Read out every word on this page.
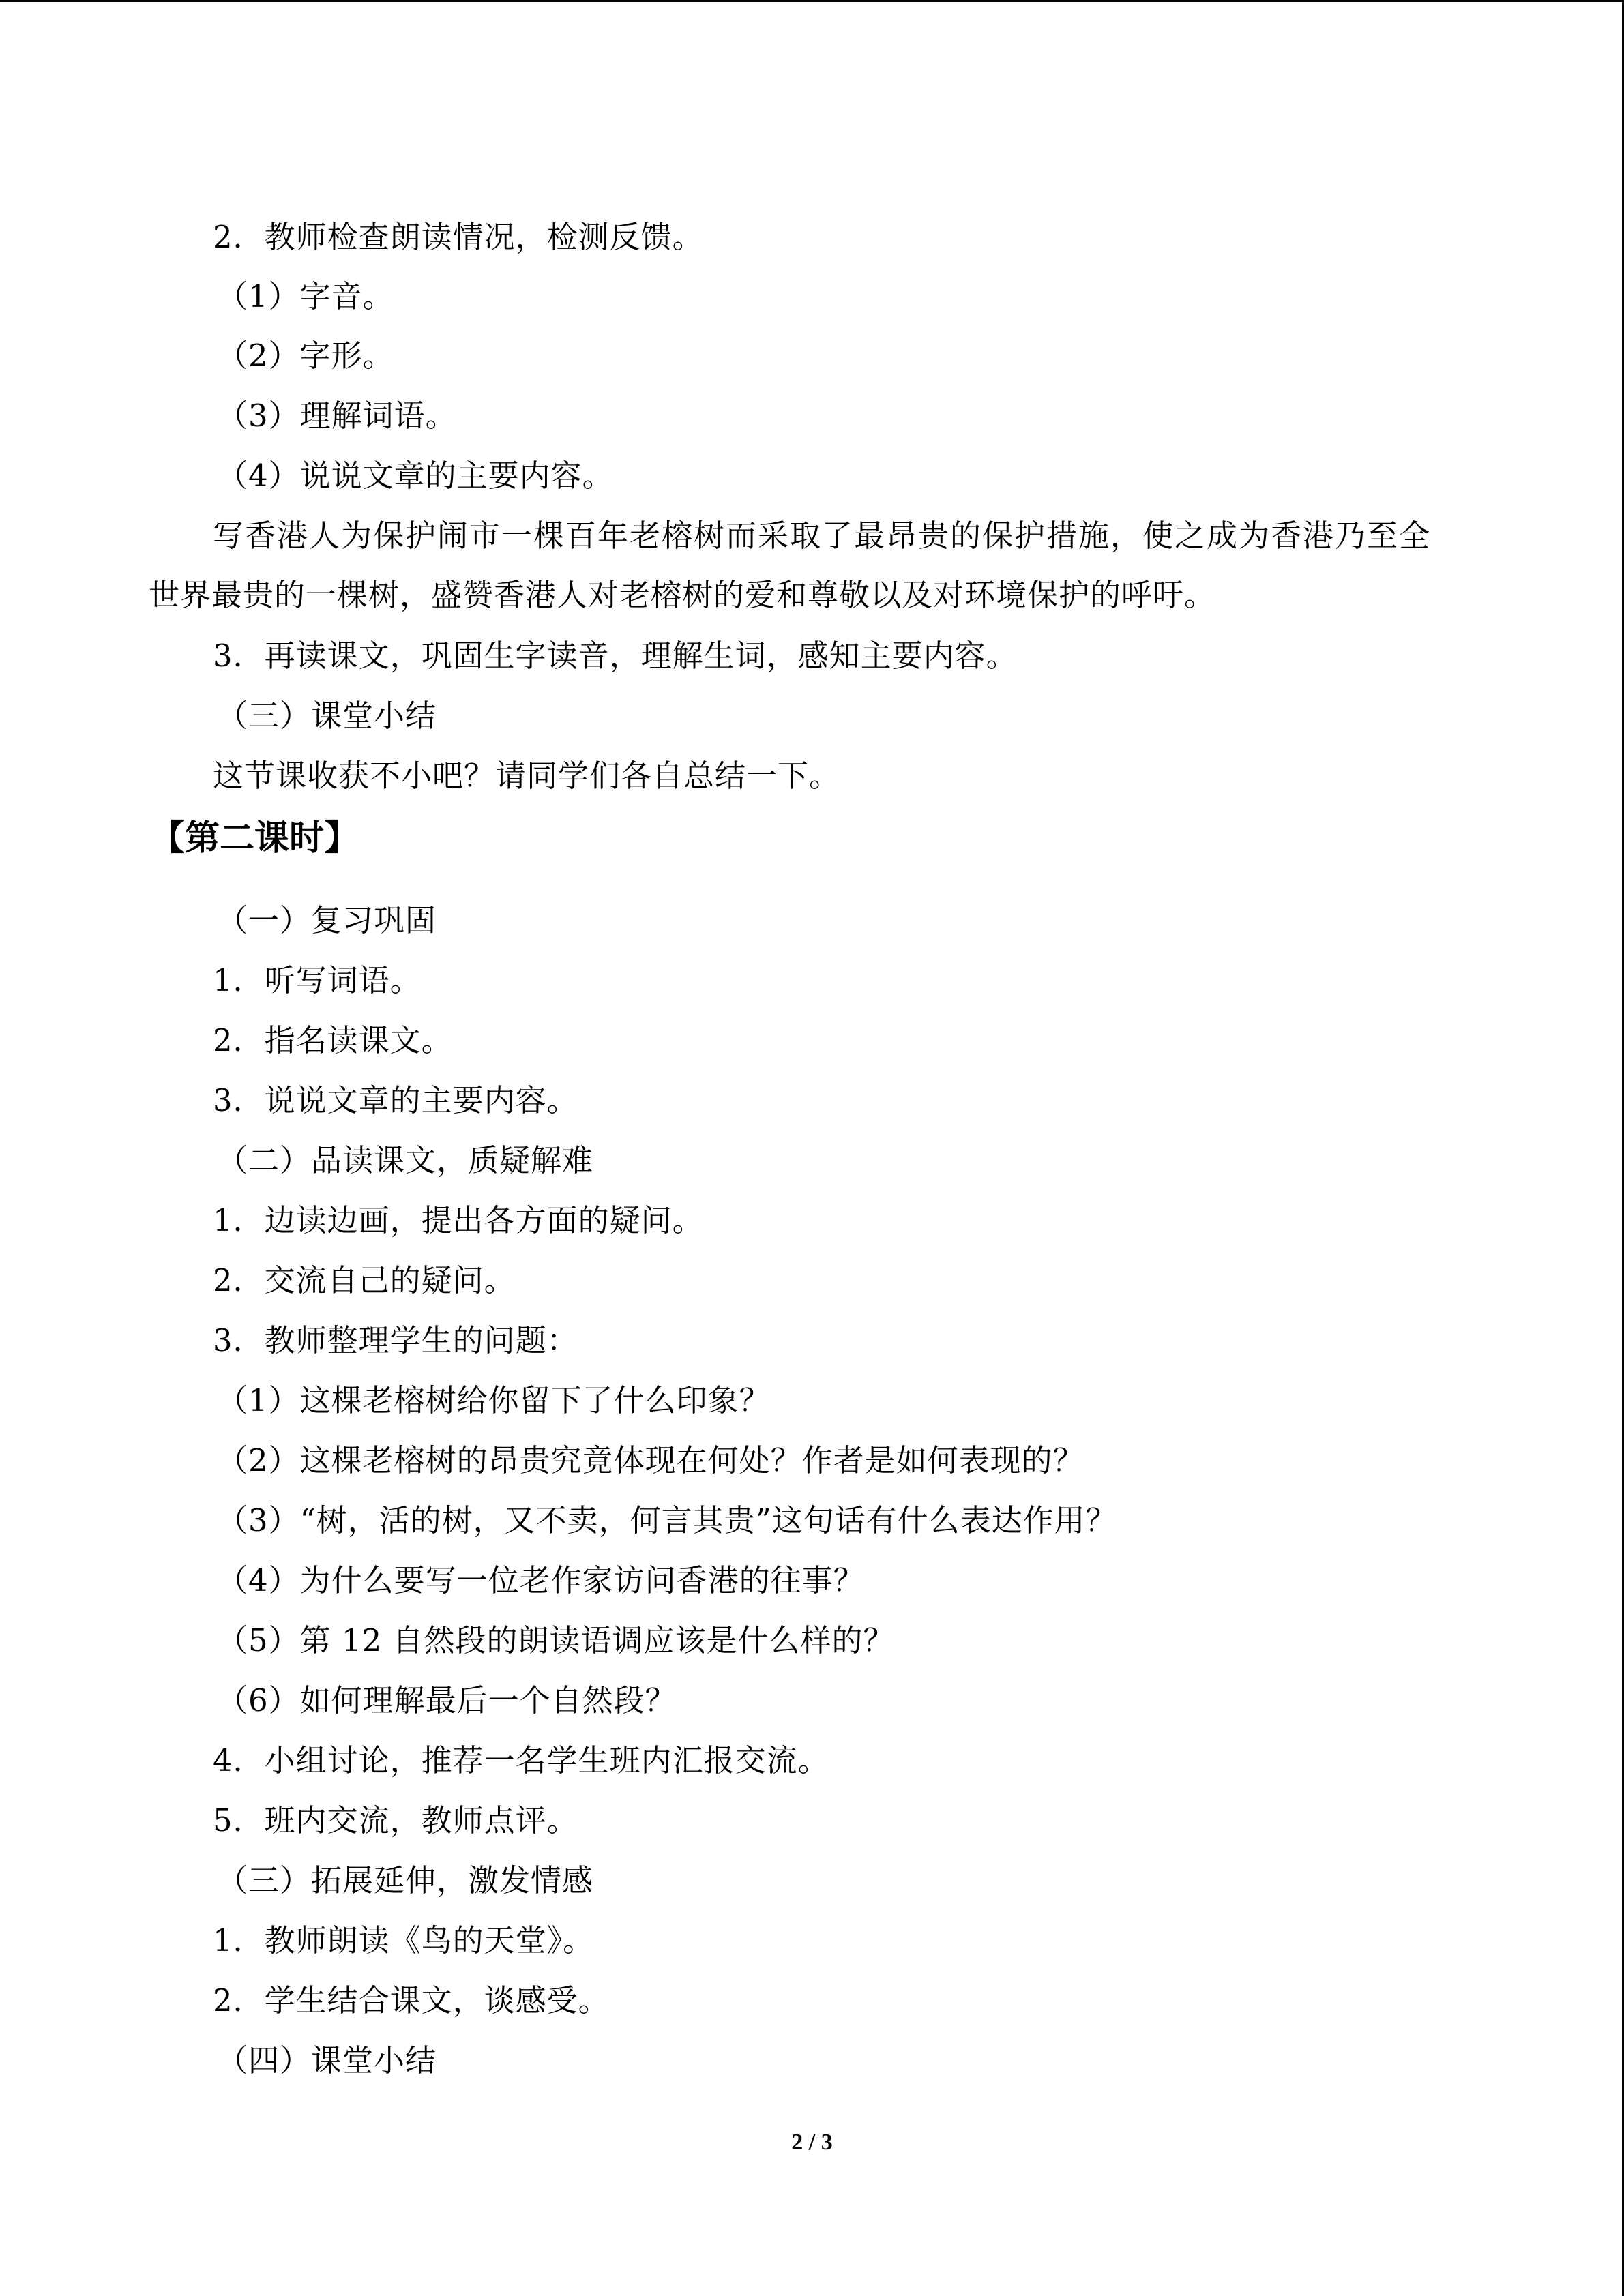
2．教师检查朗读情况，检测反馈。
（1）字音。
（2）字形。
（3）理解词语。
（4）说说文章的主要内容。
写香港人为保护闹市一棵百年老榕树而采取了最昂贵的保护措施，使之成为香港乃至全
世界最贵的一棵树，盛赞香港人对老榕树的爱和尊敬以及对环境保护的呼吁。
3．再读课文，巩固生字读音，理解生词，感知主要内容。
（三）课堂小结
这节课收获不小吧？请同学们各自总结一下。
【第二课时】
（一）复习巩固
1．听写词语。
2．指名读课文。
3．说说文章的主要内容。
（二）品读课文，质疑解难
1．边读边画，提出各方面的疑问。
2．交流自己的疑问。
3．教师整理学生的问题：
（1）这棵老榕树给你留下了什么印象？
（2）这棵老榕树的昂贵究竟体现在何处？作者是如何表现的？
（3）“树，活的树，又不卖，何言其贵”这句话有什么表达作用？
（4）为什么要写一位老作家访问香港的往事？
（5）第 12 自然段的朗读语调应该是什么样的？
（6）如何理解最后一个自然段？
4．小组讨论，推荐一名学生班内汇报交流。
5．班内交流，教师点评。
（三）拓展延伸，激发情感
1．教师朗读《鸟的天堂》。
2．学生结合课文，谈感受。
（四）课堂小结
2 / 3
